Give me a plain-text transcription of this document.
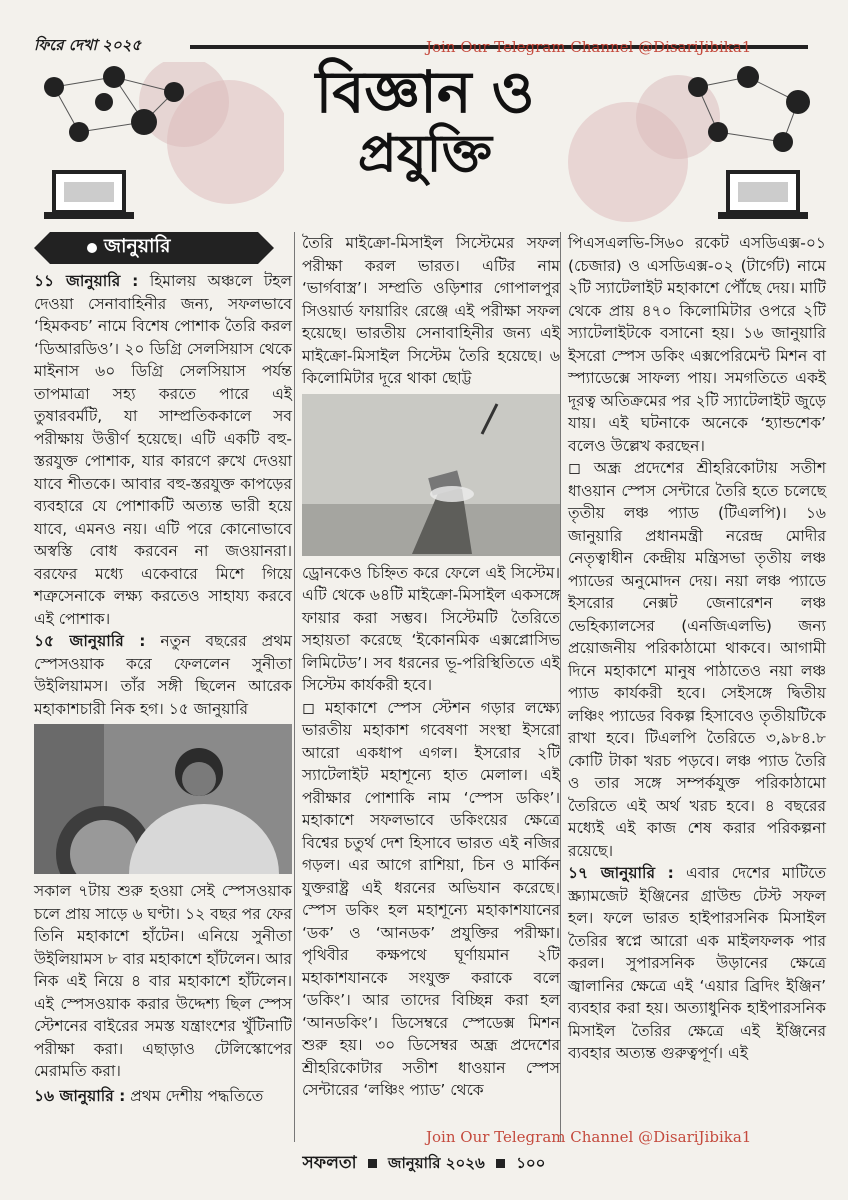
ফিরে দেখা ২০২৫	Join Our Telegram Channel @DisariJibika1
বিজ্ঞান ও
প্রযুক্তি
জানুয়ারি

১১ জানুয়ারি : হিমালয় অঞ্চলে টহল দেওয়া সেনাবাহিনীর জন্য, সফলভাবে ‘হিমকবচ’ নামে বিশেষ পোশাক তৈরি করল ‘ডিআরডিও’। ২০ ডিগ্রি সেলসিয়াস থেকে মাইনাস ৬০ ডিগ্রি সেলসিয়াস পর্যন্ত তাপমাত্রা সহ্য করতে পারে এই তুষারবর্মটি, যা সাম্প্রতিককালে সব পরীক্ষায় উত্তীর্ণ হয়েছে। এটি একটি বহু-স্তরযুক্ত পোশাক, যার কারণে রুখে দেওয়া যাবে শীতকে। আবার বহু-স্তরযুক্ত কাপড়ের ব্যবহারে যে পোশাকটি অত্যন্ত ভারী হয়ে যাবে, এমনও নয়। এটি পরে কোনোভাবে অস্বস্তি বোধ করবেন না জওয়ানরা। বরফের মধ্যে একেবারে মিশে গিয়ে শত্রুসেনাকে লক্ষ্য করতেও সাহায্য করবে এই পোশাক।

১৫ জানুয়ারি : নতুন বছরের প্রথম স্পেসওয়াক করে ফেললেন সুনীতা উইলিয়ামস। তাঁর সঙ্গী ছিলেন আরেক মহাকাশচারী নিক হগ। ১৫ জানুয়ারি

সকাল ৭টায় শুরু হওয়া সেই স্পেসওয়াক চলে প্রায় সাড়ে ৬ ঘণ্টা। ১২ বছর পর ফের তিনি মহাকাশে হাঁটেন। এনিয়ে সুনীতা উইলিয়ামস ৮ বার মহাকাশে হাঁটলেন। আর নিক এই নিয়ে ৪ বার মহাকাশে হাঁটলেন। এই স্পেসওয়াক করার উদ্দেশ্য ছিল স্পেস স্টেশনের বাইরের সমস্ত যন্ত্রাংশের খুঁটিনাটি পরীক্ষা করা। এছাড়াও টেলিস্কোপের মেরামতি করা।

১৬ জানুয়ারি : প্রথম দেশীয় পদ্ধতিতে

তৈরি মাইক্রো-মিসাইল সিস্টেমের সফল পরীক্ষা করল ভারত। এটির নাম ‘ভার্গবাস্ত্র’। সম্প্রতি ওড়িশার গোপালপুর সিওয়ার্ড ফায়ারিং রেঞ্জে এই পরীক্ষা সফল হয়েছে। ভারতীয় সেনাবাহিনীর জন্য এই মাইক্রো-মিসাইল সিস্টেম তৈরি হয়েছে। ৬ কিলোমিটার দূরে থাকা ছোট্ট

ড্রোনকেও চিহ্নিত করে ফেলে এই সিস্টেম। এটি থেকে ৬৪টি মাইক্রো-মিসাইল একসঙ্গে ফায়ার করা সম্ভব। সিস্টেমটি তৈরিতে সহায়তা করেছে ‘ইকোনমিক এক্সপ্লোসিভ লিমিটেড’। সব ধরনের ভূ-পরিস্থিতিতে এই সিস্টেম কার্যকরী হবে।

◻ মহাকাশে স্পেস স্টেশন গড়ার লক্ষ্যে ভারতীয় মহাকাশ গবেষণা সংস্থা ইসরো আরো একধাপ এগল। ইসরোর ২টি স্যাটেলাইট মহাশূন্যে হাত মেলাল। এই পরীক্ষার পোশাকি নাম ‘স্পেস ডকিং’। মহাকাশে সফলভাবে ডকিংয়ের ক্ষেত্রে বিশ্বের চতুর্থ দেশ হিসাবে ভারত এই নজির গড়ল। এর আগে রাশিয়া, চিন ও মার্কিন যুক্তরাষ্ট্র এই ধরনের অভিযান করেছে। স্পেস ডকিং হল মহাশূন্যে মহাকাশযানের ‘ডক’ ও ‘আনডক’ প্রযুক্তির পরীক্ষা। পৃথিবীর কক্ষপথে ঘূর্ণায়মান ২টি মহাকাশযানকে সংযুক্ত করাকে বলে ‘ডকিং’। আর তাদের বিচ্ছিন্ন করা হল ‘আনডকিং’। ডিসেম্বরে স্পেডেক্স মিশন শুরু হয়। ৩০ ডিসেম্বর অন্ধ্র প্রদেশের শ্রীহরিকোটার সতীশ ধাওয়ান স্পেস সেন্টারের ‘লঞ্চিং প্যাড’ থেকে

পিএসএলভি-সি৬০ রকেট এসডিএক্স-০১ (চেজার) ও এসডিএক্স-০২ (টার্গেট) নামে ২টি স্যাটেলাইট মহাকাশে পৌঁছে দেয়। মাটি থেকে প্রায় ৪৭০ কিলোমিটার ওপরে ২টি স্যাটেলাইটকে বসানো হয়। ১৬ জানুয়ারি ইসরো স্পেস ডকিং এক্সপেরিমেন্ট মিশন বা স্প্যাডেক্সে সাফল্য পায়। সমগতিতে একই দূরত্ব অতিক্রমের পর ২টি স্যাটেলাইট জুড়ে যায়। এই ঘটনাকে অনেকে ‘হ্যান্ডশেক’ বলেও উল্লেখ করছেন।

◻ অন্ধ্র প্রদেশের শ্রীহরিকোটায় সতীশ ধাওয়ান স্পেস সেন্টারে তৈরি হতে চলেছে তৃতীয় লঞ্চ প্যাড (টিএলপি)। ১৬ জানুয়ারি প্রধানমন্ত্রী নরেন্দ্র মোদীর নেতৃত্বাধীন কেন্দ্রীয় মন্ত্রিসভা তৃতীয় লঞ্চ প্যাডের অনুমোদন দেয়। নয়া লঞ্চ প্যাডে ইসরোর নেক্সট জেনারেশন লঞ্চ ভেহিক্যালসের (এনজিএলভি) জন্য প্রয়োজনীয় পরিকাঠামো থাকবে। আগামী দিনে মহাকাশে মানুষ পাঠাতেও নয়া লঞ্চ প্যাড কার্যকরী হবে। সেইসঙ্গে দ্বিতীয় লঞ্চিং প্যাডের বিকল্প হিসাবেও তৃতীয়টিকে রাখা হবে। টিএলপি তৈরিতে ৩,৯৮৪.৮ কোটি টাকা খরচ পড়বে। লঞ্চ প্যাড তৈরি ও তার সঙ্গে সম্পর্কযুক্ত পরিকাঠামো তৈরিতে এই অর্থ খরচ হবে। ৪ বছরের মধ্যেই এই কাজ শেষ করার পরিকল্পনা রয়েছে।

১৭ জানুয়ারি : এবার দেশের মাটিতে স্ক্র্যামজেট ইঞ্জিনের গ্রাউন্ড টেস্ট সফল হল। ফলে ভারত হাইপারসনিক মিসাইল তৈরির স্বপ্নে আরো এক মাইলফলক পার করল। সুপারসনিক উড়ানের ক্ষেত্রে জ্বালানির ক্ষেত্রে এই ‘এয়ার ব্রিদিং ইঞ্জিন’ ব্যবহার করা হয়। অত্যাধুনিক হাইপারসনিক মিসাইল তৈরির ক্ষেত্রে এই ইঞ্জিনের ব্যবহার অত্যন্ত গুরুত্বপূর্ণ। এই

Join Our Telegram Channel @DisariJibika1
সফলতা জানুয়ারি ২০২৬ ১০০
